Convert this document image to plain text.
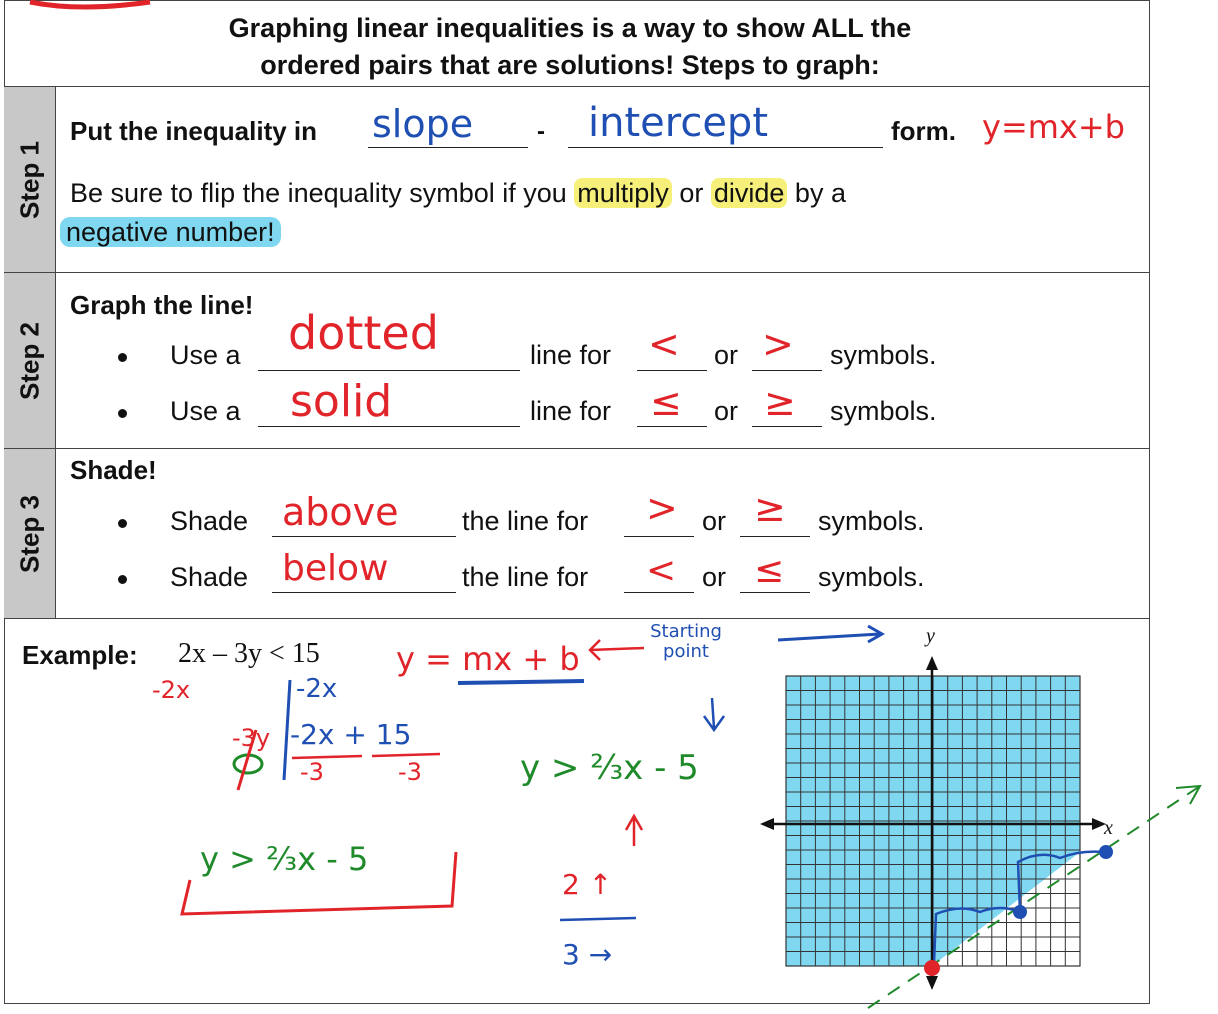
Graphing linear inequalities is a way to show ALL the
ordered pairs that are solutions! Steps to graph:
Step 1
Step 2
Step 3
Put the inequality in	-	form.
slope	intercept	y=mx+b
Be sure to flip the inequality symbol if you multiply or divide by a
negative number!
Graph the line!
Use a dotted	line for < or > symbols.
Use a solid	line for ≤ or ≥ symbols.
Shade!
Shade above the line for > or ≥ symbols.
Shade below	the line for < or ≤ symbols.
Example: 2x – 3y < 15
-2x	-2x
-3y -2x + 15
-3	-3
y > ⅔x - 5
y = mx + b
Starting point
y > ⅔x - 5
2 ↑
3 →
y
x
